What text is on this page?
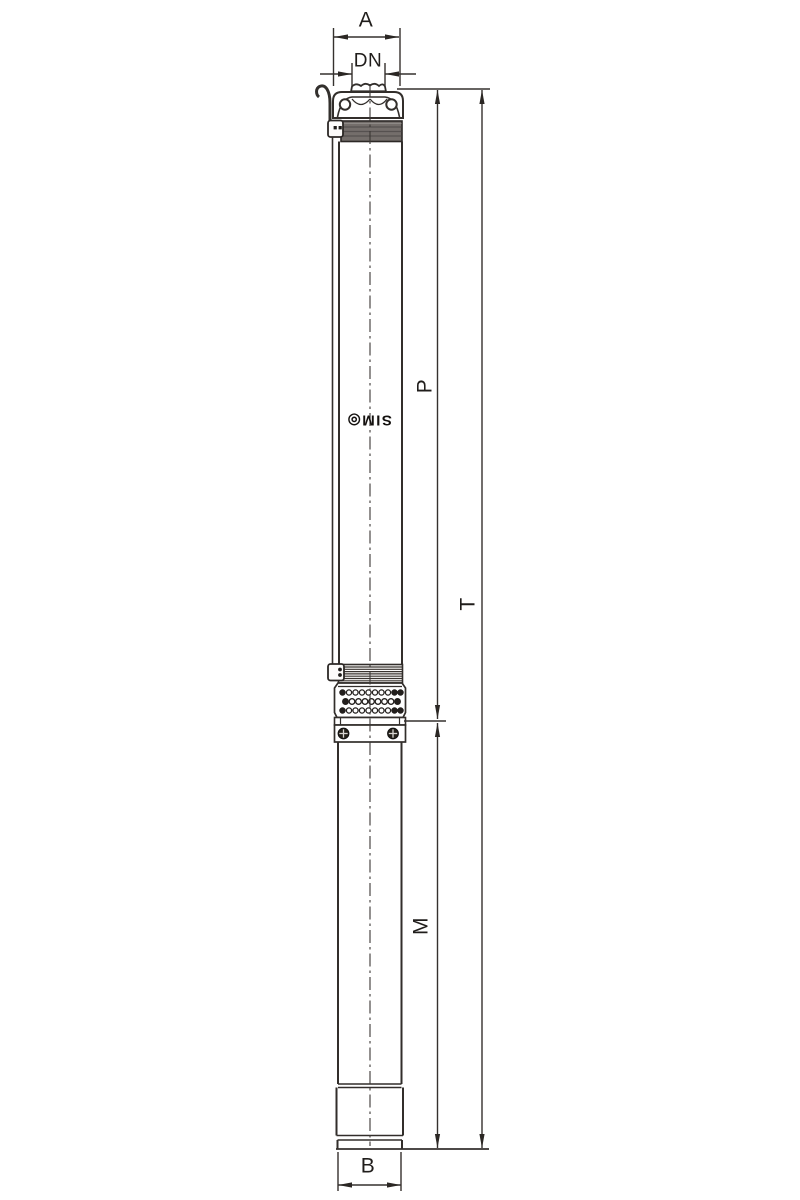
A
DN
P
T
M
B
SIM◎
